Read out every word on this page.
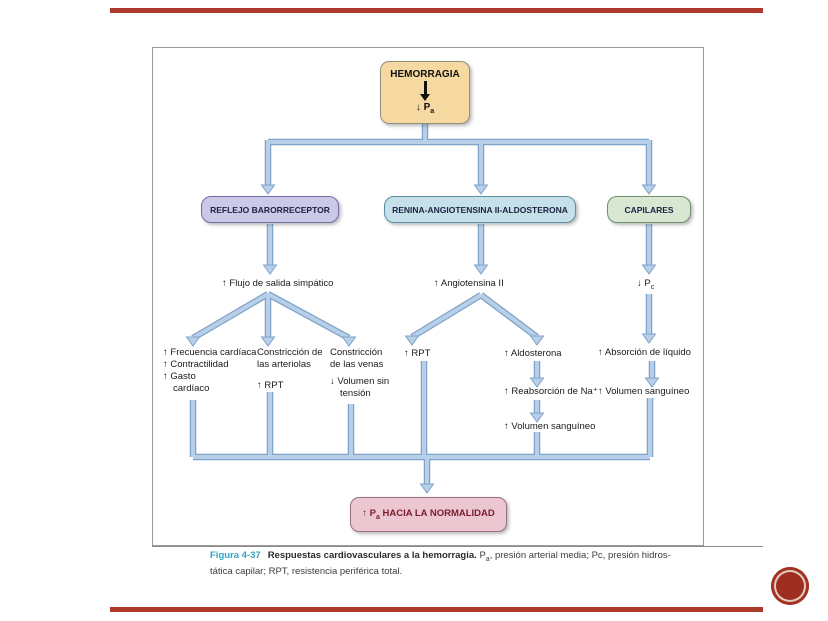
HEMORRAGIA
↓ $P_a$
REFLEJO BARORRECEPTOR	RENINA-ANGIOTENSINA II-ALDOSTERONA	CAPILARES
↑ Flujo de salida simpático	↑ Angiotensina II	↓ $P_c$
↑ Frecuencia cardíaca
↑ Contractilidad
↑ Gasto
cardíaco
Constricción de
las arteriolas
↑ RPT
Constricción
de las venas
↓ Volumen sin
tensión
↑ RPT	↑ Aldosterona
↑ Reabsorción de Na⁺
↑ Volumen sanguíneo
↑ Absorción de líquido
↑ Volumen sanguíneo
↑ $P_a$ HACIA LA NORMALIDAD
Figura 4-37 Respuestas cardiovasculares a la hemorragia. $P_a$, presión arterial media; Pc, presión hidros-
tática capilar; RPT, resistencia periférica total.
